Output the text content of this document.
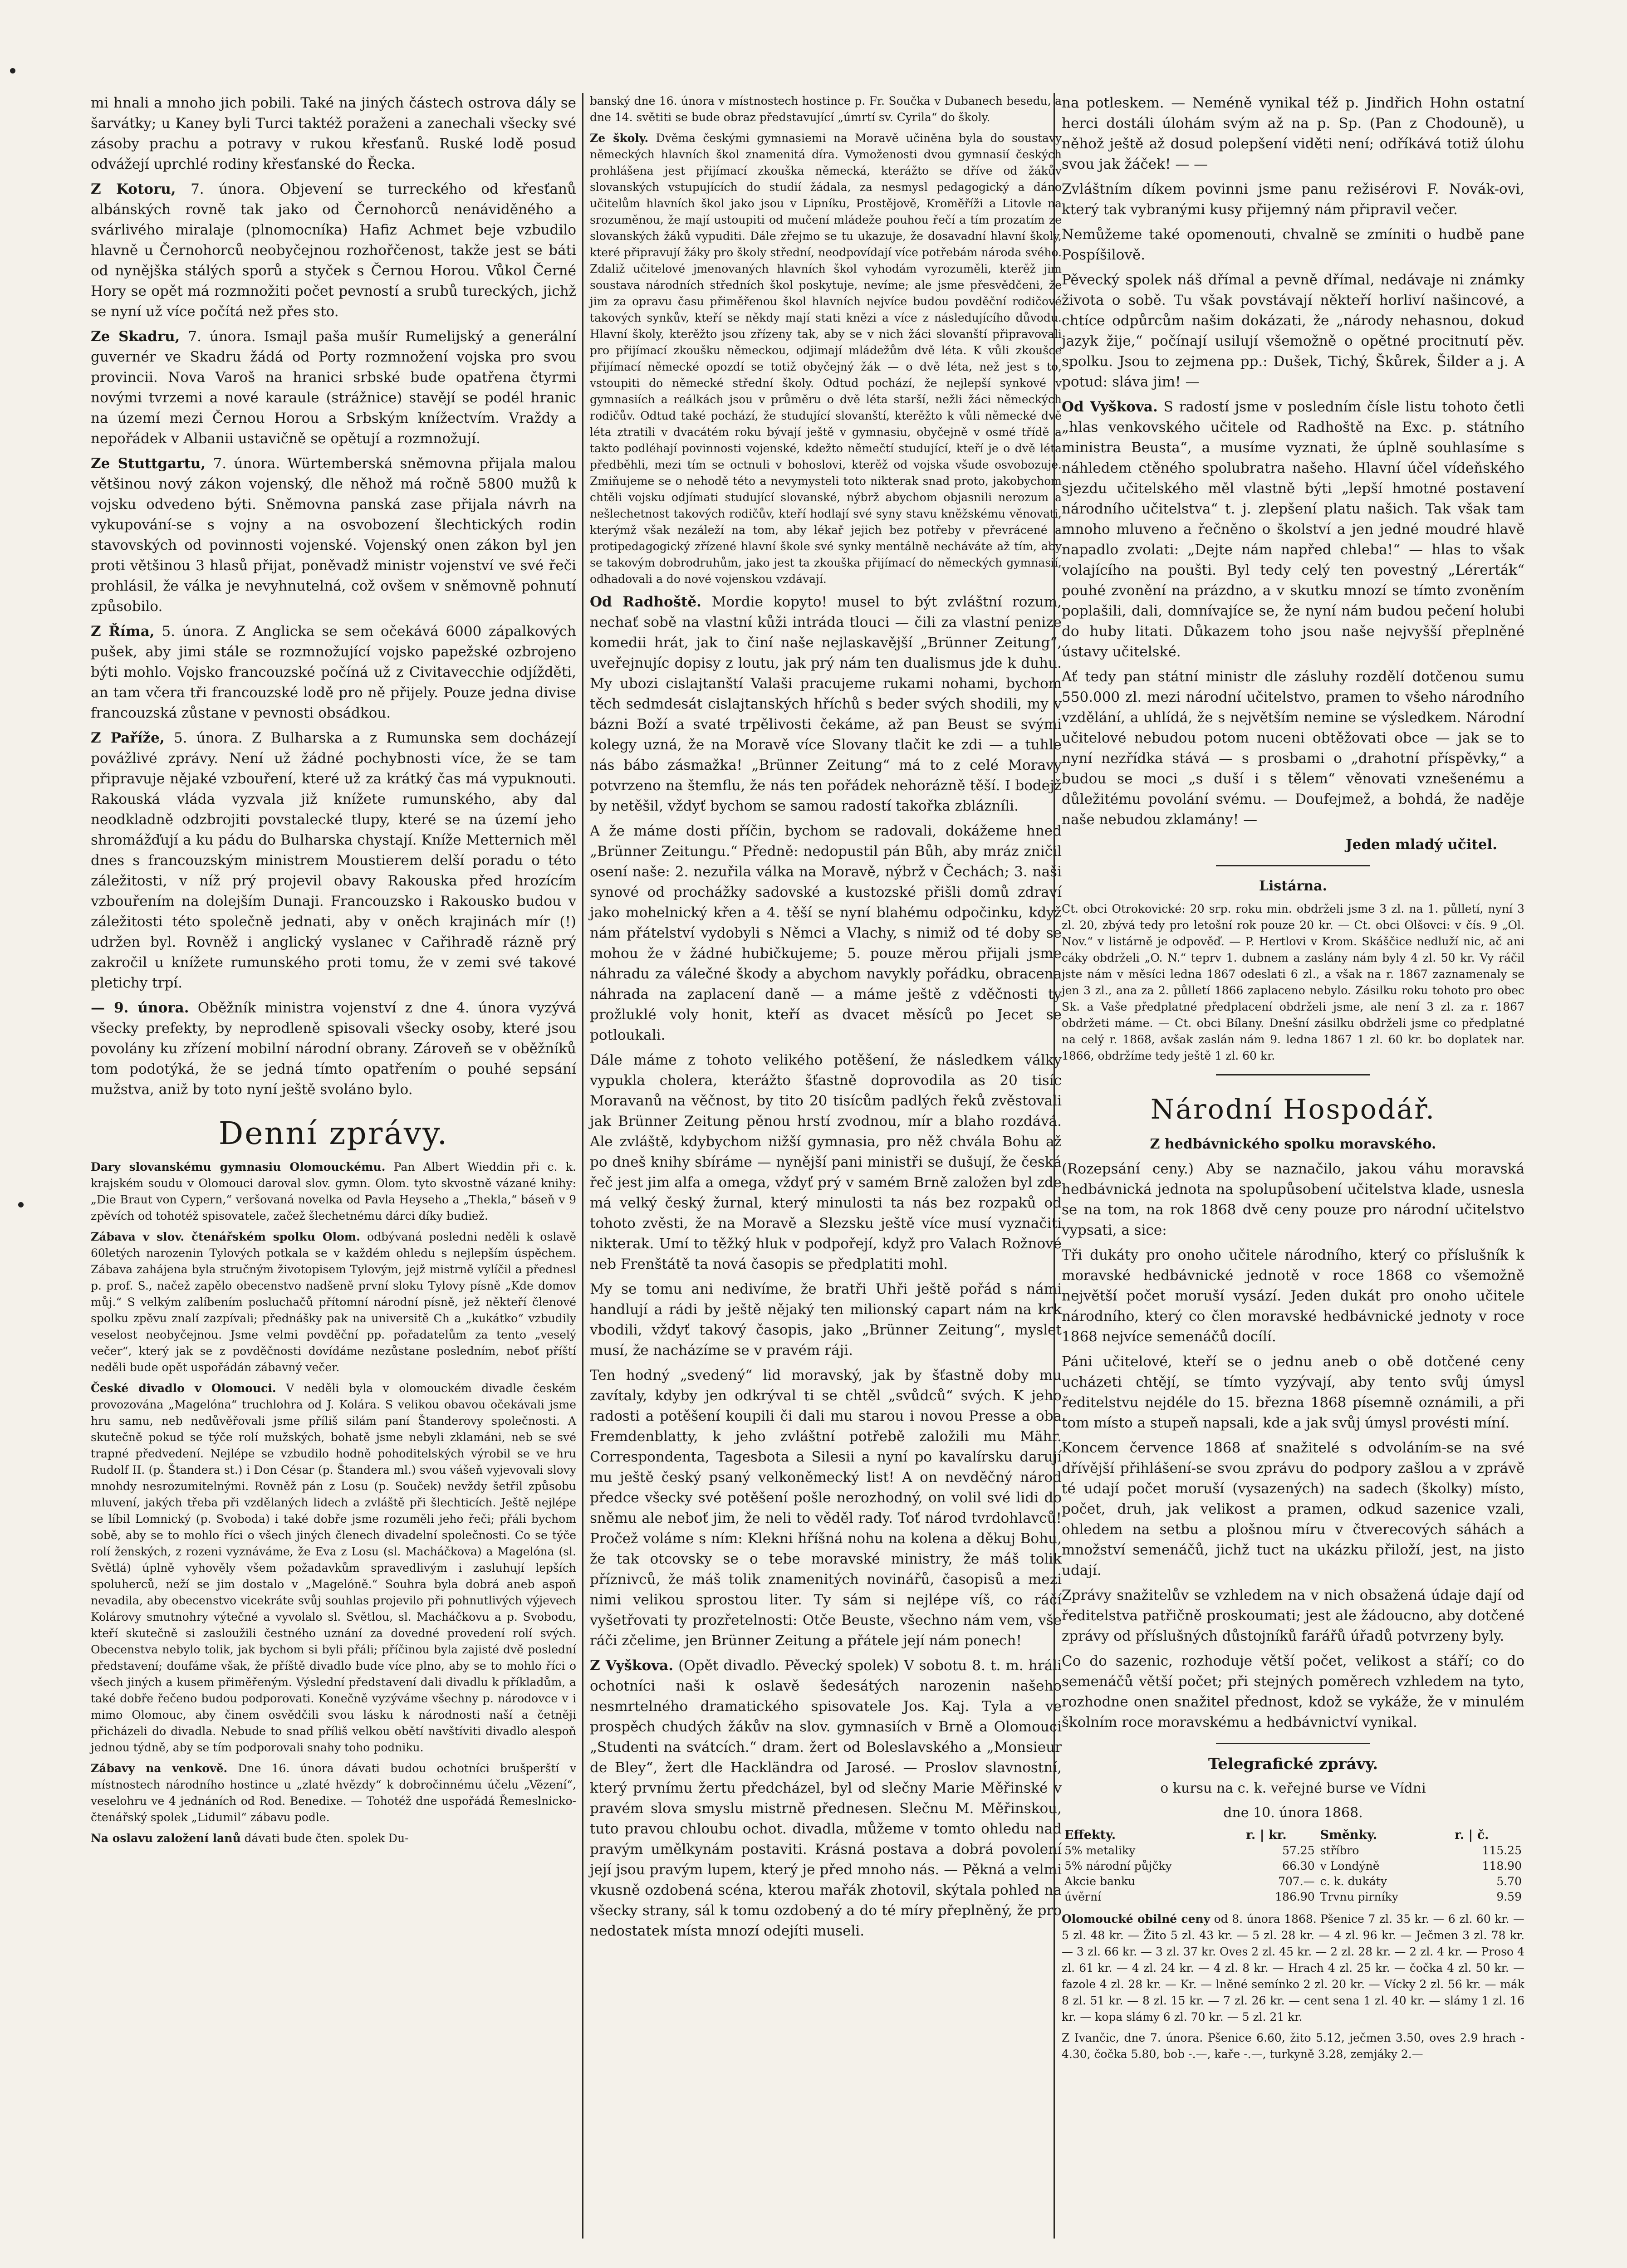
mi hnali a mnoho jich pobili. Také na jiných částech ostrova dály se šarvátky; u Kaney byli Turci taktéž poraženi a zanechali všecky své zásoby prachu a potravy v rukou křesťanů. Ruské lodě posud odvážejí uprchlé rodiny křesťanské do Řecka.

Z Kotoru, 7. února. Objevení se turreckého od křesťanů albánských rovně tak jako od Černohorců nenáviděného a svárlivého miralaje (plnomocníka) Hafiz Achmet beje vzbudilo hlavně u Černohorců neobyčejnou rozhořčenost, takže jest se báti od nynějška stálých sporů a styček s Černou Horou. Vůkol Černé Hory se opět má rozmnožiti počet pevností a srubů tureckých, jichž se nyní už více počítá než přes sto.

Ze Skadru, 7. února. Ismajl paša mušír Rumelijský a generální guvernér ve Skadru žádá od Porty rozmnožení vojska pro svou provincii. Nova Varoš na hranici srbské bude opatřena čtyrmi novými tvrzemi a nové karaule (strážnice) stavějí se podél hranic na území mezi Černou Horou a Srbským knížectvím. Vraždy a nepořádek v Albanii ustavičně se opětují a rozmnožují.

Ze Stuttgartu, 7. února. Würtemberská sněmovna přijala malou většinou nový zákon vojenský, dle něhož má ročně 5800 mužů k vojsku odvedeno býti. Sněmovna panská zase přijala návrh na vykupování-se s vojny a na osvobození šlechtických rodin stavovských od povinnosti vojenské. Vojenský onen zákon byl jen proti většinou 3 hlasů přijat, poněvadž ministr vojenství ve své řeči prohlásil, že válka je nevyhnutelná, což ovšem v sněmovně pohnutí způsobilo.

Z Říma, 5. února. Z Anglicka se sem očekává 6000 zápalkových pušek, aby jimi stále se rozmnožující vojsko papežské ozbrojeno býti mohlo. Vojsko francouzské počíná už z Civitavecchie odjížděti, an tam včera tři francouzské lodě pro ně přijely. Pouze jedna divise francouzská zůstane v pevnosti obsádkou.

Z Paříže, 5. února. Z Bulharska a z Rumunska sem docházejí povážlivé zprávy. Není už žádné pochybnosti více, že se tam připravuje nějaké vzbouření, které už za krátký čas má vypuknouti. Rakouská vláda vyzvala již knížete rumunského, aby dal neodkladně odzbrojiti povstalecké tlupy, které se na území jeho shromážďují a ku pádu do Bulharska chystají. Kníže Metternich měl dnes s francouzským ministrem Moustierem delší poradu o této záležitosti, v níž prý projevil obavy Rakouska před hrozícím vzbouřením na dolejším Dunaji. Francouzsko i Rakousko budou v záležitosti této společně jednati, aby v oněch krajinách mír (!) udržen byl. Rovněž i anglický vyslanec v Cařihradě rázně prý zakročil u knížete rumunského proti tomu, že v zemi své takové pletichy trpí.

— 9. února. Oběžník ministra vojenství z dne 4. února vyzývá všecky prefekty, by neprodleně spisovali všecky osoby, které jsou povolány ku zřízení mobilní národní obrany. Zároveň se v oběžníků tom podotýká, že se jedná tímto opatřením o pouhé sepsání mužstva, aniž by toto nyní ještě svoláno bylo.

Denní zprávy.

Dary slovanskému gymnasiu Olomouckému. Pan Albert Wieddin při c. k. krajském soudu v Olomouci daroval slov. gymn. Olom. tyto skvostně vázané knihy: „Die Braut von Cypern,“ veršovaná novelka od Pavla Heyseho a „Thekla,“ báseň v 9 zpěvích od tohotéž spisovatele, začež šlechetnému dárci díky budiež.

Zábava v slov. čtenářském spolku Olom. odbývaná posledni neděli k oslavě 60letých narozenin Tylových potkala se v každém ohledu s nejlepším úspěchem. Zábava zahájena byla stručným životopisem Tylovým, jejž mistrně vylíčil a přednesl p. prof. S., načež zapělo obecenstvo nadšeně první sloku Tylovy písně „Kde domov můj.“ S velkým zalíbením posluchačů přítomní národní písně, jež někteří členové spolku zpěvu znalí zazpívali; přednášky pak na universitě Ch a „kukátko“ vzbudily veselost neobyčejnou. Jsme velmi povděční pp. pořadatelům za tento „veselý večer“, který jak se z povděčnosti dovídáme nezůstane posledním, neboť příští neděli bude opět uspořádán zábavný večer.

České divadlo v Olomouci. V neděli byla v olomouckém divadle českém provozována „Magelóna“ truchlohra od J. Kolára. S velikou obavou očekávali jsme hru samu, neb nedůvěřovali jsme příliš silám paní Štanderovy společnosti. A skutečně pokud se týče rolí mužských, bohatě jsme nebyli zklamáni, neb se své trapné předvedení. Nejlépe se vzbudilo hodně pohoditelských výrobil se ve hru Rudolf II. (p. Štandera st.) i Don César (p. Štandera ml.) svou vášeň vyjevovali slovy mnohdy nesrozumitelnými. Rovněž pán z Losu (p. Souček) nevždy šetřil způsobu mluvení, jakých třeba při vzdělaných lidech a zvláště při šlechticích. Ještě nejlépe se líbil Lomnický (p. Svoboda) i také dobře jsme rozuměli jeho řeči; přáli bychom sobě, aby se to mohlo říci o všech jiných členech divadelní společnosti. Co se týče rolí ženských, z rozeni vyznáváme, že Eva z Losu (sl. Macháčkova) a Magelóna (sl. Světlá) úplně vyhověly všem požadavkům spravedlivým i zasluhují lepších spoluherců, neží se jim dostalo v „Magelóně.“ Souhra byla dobrá aneb aspoň nevadila, aby obecenstvo vicekráte svůj souhlas projevilo při pohnutlivých výjevech Kolárovy smutnohry výtečné a vyvolalo sl. Světlou, sl. Macháčkovu a p. Svobodu, kteří skutečně si zasloužili čestného uznání za dovedné provedení rolí svých. Obecenstva nebylo tolik, jak bychom si byli přáli; příčinou byla zajisté dvě poslední představení; doufáme však, že příště divadlo bude více plno, aby se to mohlo říci o všech jiných a kusem přiměřeným. Výslední představení dali divadlu k příkladům, a také dobře řečeno budou podporovati. Konečně vyzýváme všechny p. národovce v i mimo Olomouc, aby činem osvědčili svou lásku k národnosti naší a četněji přicházeli do divadla. Nebude to snad příliš velkou obětí navštíviti divadlo alespoň jednou týdně, aby se tím podporovali snahy toho podniku.

Zábavy na venkově. Dne 16. února dávati budou ochotníci brušperští v místnostech národního hostince u „zlaté hvězdy“ k dobročinnému účelu „Vězení“, veselohru ve 4 jednáních od Rod. Benedixe. — Tohotéž dne uspořádá Řemeslnicko-čtenářský spolek „Lidumil“ zábavu podle.

Na oslavu založení lanů dávati bude čten. spolek Du-

banský dne 16. února v místnostech hostince p. Fr. Součka v Dubanech besedu, a dne 14. světiti se bude obraz představující „úmrtí sv. Cyrila“ do školy.

Ze školy. Dvěma českými gymnasiemi na Moravě učiněna byla do soustavy německých hlavních škol znamenitá díra. Vymoženosti dvou gymnasií českých prohlášena jest přijímací zkouška německá, kterážto se dříve od žákův slovanských vstupujících do studií žádala, za nesmysl pedagogický a dáno učitelům hlavních škol jako jsou v Lipníku, Prostějově, Kroměříži a Litovle na srozuměnou, že mají ustoupiti od mučení mládeže pouhou řečí a tím prozatím ze slovanských žáků vypuditi. Dále zřejmo se tu ukazuje, že dosavadní hlavní školy, které připravují žáky pro školy střední, neodpovídají více potřebám národa svého. Zdaliž učitelové jmenovaných hlavních škol vyhodám vyrozuměli, kterěž jim soustava národních středních škol poskytuje, nevíme; ale jsme přesvědčeni, že jim za opravu času přiměřenou škol hlavních nejvíce budou povděční rodičové takových synkův, kteří se někdy mají stati knězi a více z následujícího důvodu. Hlavní školy, kterěžto jsou zřízeny tak, aby se v nich žáci slovanští připravovali pro přijímací zkoušku německou, odjimají mládežům dvě léta. K vůli zkoušce přijímací německé opozdí se totiž obyčejný žák — o dvě léta, než jest s to, vstoupiti do německé střední školy. Odtud pochází, že nejlepší synkové v gymnasiích a reálkách jsou v průměru o dvě léta starší, nežli žáci německých rodičův. Odtud také pochází, že studující slovanští, kterěžto k vůli německé dvě léta ztratili v dvacátém roku bývají ještě v gymnasiu, obyčejně v osmé třídě a takto podléhají povinnosti vojenské, kdežto němečtí studující, kteří je o dvě léta předběhli, mezi tím se octnuli v bohoslovi, kterěž od vojska všude osvobozuje. Zmiňujeme se o nehodě této a nevymysteli toto nikterak snad proto, jakobychom chtěli vojsku odjímati studující slovanské, nýbrž abychom objasnili nerozum a nešlechetnost takových rodičův, kteří hodlají své syny stavu kněžskému věnovati, kterýmž však nezáleží na tom, aby lékař jejich bez potřeby v převrácené a protipedagogický zřízené hlavní škole své synky mentálně necháváte až tím, aby se takovým dobrodruhům, jako jest ta zkouška přijímací do německých gymnasií, odhadovali a do nové vojenskou vzdávají.

Od Radhoště. Mordie kopyto! musel to být zvláštní rozum, nechať sobě na vlastní kůži intráda tlouci — čili za vlastní penize komedii hrát, jak to činí naše nejlaskavější „Brünner Zeitung“, uveřejnujíc dopisy z loutu, jak prý nám ten dualismus jde k duhu. My ubozi cislajtanští Valaši pracujeme rukami nohami, bychom těch sedmdesát cislajtanských hříchů s beder svých shodili, my v bázni Boží a svaté trpělivosti čekáme, až pan Beust se svými kolegy uzná, že na Moravě více Slovany tlačit ke zdi — a tuhle nás bábo zásmažka! „Brünner Zeitung“ má to z celé Moravy potvrzeno na štemflu, že nás ten pořádek nehorázně těší. I bodejž by netěšil, vždyť bychom se samou radostí takořka zblázníli.

A že máme dosti příčin, bychom se radovali, dokážeme hned „Brünner Zeitungu.“ Předně: nedopustil pán Bůh, aby mráz zničil osení naše: 2. nezuřila válka na Moravě, nýbrž v Čechách; 3. naši synové od prochážky sadovské a kustozské přišli domů zdraví jako mohelnický křen a 4. těší se nyní blahému odpočinku, když nám přátelství vydobyli s Němci a Vlachy, s nimiž od té doby se mohou že v žádné hubičkujeme; 5. pouze měrou přijali jsme náhradu za válečné škody a abychom navykly pořádku, obracena náhrada na zaplacení daně — a máme ještě z vděčnosti ty prožluklé voly honit, kteří as dvacet měsíců po Jecet se potloukali.

Dále máme z tohoto velikého potěšení, že následkem války vypukla cholera, kterážto šťastně doprovodila as 20 tisíc Moravanů na věčnost, by tito 20 tisícům padlých řeků zvěstovali jak Brünner Zeitung pěnou hrstí zvodnou, mír a blaho rozdává. Ale zvláště, kdybychom nižší gymnasia, pro něž chvála Bohu až po dneš knihy sbíráme — nynější pani ministři se dušují, že česká řeč jest jim alfa a omega, vždyť prý v samém Brně založen byl zde má velký český žurnal, který minulosti ta nás bez rozpaků od tohoto zvěsti, že na Moravě a Slezsku ještě více musí vyznačiti nikterak. Umí to těžký hluk v podpořejí, když pro Valach Rožnové neb Frenštátě ta nová časopis se předplatiti mohl.

My se tomu ani nedivíme, že bratři Uhři ještě pořád s námi handlují a rádi by ještě nějaký ten milionský capart nám na krk vbodili, vždyť takový časopis, jako „Brünner Zeitung“, myslet musí, že nacházíme se v pravém ráji.

Ten hodný „svedený“ lid moravský, jak by šťastně doby mu zavítaly, kdyby jen odkrýval ti se chtěl „svůdců“ svých. K jeho radosti a potěšení koupili či dali mu starou i novou Presse a oba Fremdenblatty, k jeho zvláštní potřebě založili mu Mähr. Correspondenta, Tagesbota a Silesii a nyní po kavalírsku darují mu ještě český psaný velkoněmecký list! A on nevděčný národ předce všecky své potěšení pošle nerozhodný, on volil své lidi do sněmu ale neboť jim, že neli to věděl rady. Toť národ tvrdohlavců! Pročež voláme s ním: Klekni hříšná nohu na kolena a děkuj Bohu, že tak otcovsky se o tebe moravské ministry, že máš tolik příznivců, že máš tolik znamenitých novinářů, časopisů a mezi nimi velikou sprostou liter. Ty sám si nejlépe víš, co ráčí vyšetřovati ty prozřetelnosti: Otče Beuste, všechno nám vem, vše ráči zčelime, jen Brünner Zeitung a přátele její nám ponech!

Z Vyškova. (Opět divadlo. Pěvecký spolek) V sobotu 8. t. m. hráli ochotníci naši k oslavě šedesátých narozenin našeho nesmrtelného dramatického spisovatele Jos. Kaj. Tyla a ve prospěch chudých žákův na slov. gymnasiích v Brně a Olomouci „Studenti na svátcích.“ dram. žert od Boleslavského a „Monsieur de Bley“, žert dle Hackländra od Jarosé. — Proslov slavnostní, který prvnímu žertu předcházel, byl od slečny Marie Měřinské v pravém slova smyslu mistrně přednesen. Slečnu M. Měřinskou, tuto pravou chloubu ochot. divadla, můžeme v tomto ohledu nad pravým umělkynám postaviti. Krásná postava a dobrá povolení její jsou pravým lupem, který je před mnoho nás. — Pěkná a velmi vkusně ozdobená scéna, kterou mařák zhotovil, skýtala pohled na všecky strany, sál k tomu ozdobený a do té míry přeplněný, že pro nedostatek místa mnozí odejíti museli.

na potleskem. — Neméně vynikal též p. Jindřich Hohn ostatní herci dostáli úlohám svým až na p. Sp. (Pan z Chodouně), u něhož ještě až dosud polepšení viděti není; odříkává totiž úlohu svou jak žáček! — —

Zvláštním díkem povinni jsme panu režisérovi F. Novák-ovi, který tak vybranými kusy přijemný nám připravil večer.

Nemůžeme také opomenouti, chvalně se zmíniti o hudbě pane Pospíšilově.

Pěvecký spolek náš dřímal a pevně dřímal, nedávaje ni známky života o sobě. Tu však povstávají někteří horliví našincové, a chtíce odpůrcům našim dokázati, že „národy nehasnou, dokud jazyk žije,“ počínají usilují všemožně o opětné procitnutí pěv. spolku. Jsou to zejmena pp.: Dušek, Tichý, Škůrek, Šilder a j. A potud: sláva jim! —

Od Vyškova. S radostí jsme v posledním čísle listu tohoto četli „hlas venkovského učitele od Radhoště na Exc. p. státního ministra Beusta“, a musíme vyznati, že úplně souhlasíme s náhledem ctěného spolubratra našeho. Hlavní účel vídeňského sjezdu učitelského měl vlastně býti „lepší hmotné postavení národního učitelstva“ t. j. zlepšení platu našich. Tak však tam mnoho mluveno a řečněno o školství a jen jedné moudré hlavě napadlo zvolati: „Dejte nám napřed chleba!“ — hlas to však volajícího na poušti. Byl tedy celý ten povestný „Lérerták“ pouhé zvonění na prázdno, a v skutku mnozí se tímto zvoněním poplašili, dali, domnívajíce se, že nyní nám budou pečení holubi do huby litati. Důkazem toho jsou naše nejvyšší přeplněné ústavy učitelské.

Ať tedy pan státní ministr dle zásluhy rozdělí dotčenou sumu 550.000 zl. mezi národní učitelstvo, pramen to všeho národního vzdělání, a uhlídá, že s největším nemine se výsledkem. Národní učitelové nebudou potom nuceni obtěžovati obce — jak se to nyní nezřídka stává — s prosbami o „drahotní příspěvky,“ a budou se moci „s duší i s tělem“ věnovati vznešenému a důležitému povolání svému. — Doufejmež, a bohdá, že naděje naše nebudou zklamány! —

Jeden mladý učitel.

Listárna.

Ct. obci Otrokovické: 20 srp. roku min. obdrželi jsme 3 zl. na 1. půlletí, nyní 3 zl. 20, zbývá tedy pro letošní rok pouze 20 kr. — Ct. obci Olšovci: v čís. 9 „Ol. Nov.“ v listárně je odpověď. — P. Hertlovi v Krom. Skáščice nedluží nic, ač ani cáky obdrželi „O. N.“ teprv 1. dubnem a zaslány nám byly 4 zl. 50 kr. Vy ráčil jste nám v měsíci ledna 1867 odeslati 6 zl., a však na r. 1867 zaznamenaly se jen 3 zl., ana za 2. půlletí 1866 zaplaceno nebylo. Zásilku roku tohoto pro obec Sk. a Vaše předplatné předplacení obdrželi jsme, ale není 3 zl. za r. 1867 obdržeti máme. — Ct. obci Bílany. Dnešní zásilku obdrželi jsme co předplatné na celý r. 1868, avšak zaslán nám 9. ledna 1867 1 zl. 60 kr. bo doplatek nar. 1866, obdržíme tedy ještě 1 zl. 60 kr.

Národní Hospodář.
Z hedbávnického spolku moravského.

(Rozepsání ceny.) Aby se naznačilo, jakou váhu moravská hedbávnická jednota na spolupůsobení učitelstva klade, usnesla se na tom, na rok 1868 dvě ceny pouze pro národní učitelstvo vypsati, a sice:

Tři dukáty pro onoho učitele národního, který co příslušník k moravské hedbávnické jednotě v roce 1868 co všemožně největší počet moruší vysází. Jeden dukát pro onoho učitele národního, který co člen moravské hedbávnické jednoty v roce 1868 nejvíce semenáčů docílí.

Páni učitelové, kteří se o jednu aneb o obě dotčené ceny ucházeti chtějí, se tímto vyzývají, aby tento svůj úmysl ředitelstvu nejdéle do 15. března 1868 písemně oznámili, a při tom místo a stupeň napsali, kde a jak svůj úmysl provésti míní.

Koncem července 1868 ať snažitelé s odvoláním-se na své dřívější přihlášení-se svou zprávu do podpory zašlou a v zprávě té udají počet moruší (vysazených) na sadech (školky) místo, počet, druh, jak velikost a pramen, odkud sazenice vzali, ohledem na setbu a plošnou míru v čtverecových sáhách a množství semenáčů, jichž tuct na ukázku přiloží, jest, na jisto udají.

Zprávy snažitelův se vzhledem na v nich obsažená údaje dají od ředitelstva patřičně proskoumati; jest ale žádoucno, aby dotčené zprávy od příslušných důstojníků farářů úřadů potvrzeny byly.

Co do sazenic, rozhoduje větší počet, velikost a stáří; co do semenáčů větší počet; při stejných poměrech vzhledem na tyto, rozhodne onen snažitel přednost, kdož se vykáže, že v minulém školním roce moravskému a hedbávnictví vynikal.

Telegrafické zprávy.
o kursu na c. k. veřejné burse ve Vídni
dne 10. února 1868.
Effekty.	r. | kr.	Směnky.	r. | č.
5% metaliky	57.25	stříbro	115.25
5% národní půjčky	66.30	v Londýně	118.90
Akcie banku	707.—	c. k. dukáty	5.70
úvěrní	186.90	Trvnu pirníky	9.59

Olomoucké obilné ceny od 8. února 1868. Pšenice 7 zl. 35 kr. — 6 zl. 60 kr. — 5 zl. 48 kr. — Žito 5 zl. 43 kr. — 5 zl. 28 kr. — 4 zl. 96 kr. — Ječmen 3 zl. 78 kr. — 3 zl. 66 kr. — 3 zl. 37 kr. Oves 2 zl. 45 kr. — 2 zl. 28 kr. — 2 zl. 4 kr. — Proso 4 zl. 61 kr. — 4 zl. 24 kr. — 4 zl. 8 kr. — Hrach 4 zl. 25 kr. — čočka 4 zl. 50 kr. — fazole 4 zl. 28 kr. — Kr. — lněné semínko 2 zl. 20 kr. — Vícky 2 zl. 56 kr. — mák 8 zl. 51 kr. — 8 zl. 15 kr. — 7 zl. 26 kr. — cent sena 1 zl. 40 kr. — slámy 1 zl. 16 kr. — kopa slámy 6 zl. 70 kr. — 5 zl. 21 kr.

Z Ivančic, dne 7. února. Pšenice 6.60, žito 5.12, ječmen 3.50, oves 2.9 hrach - 4.30, čočka 5.80, bob -.—, kaře -.—, turkyně 3.28, zemjáky 2.—
